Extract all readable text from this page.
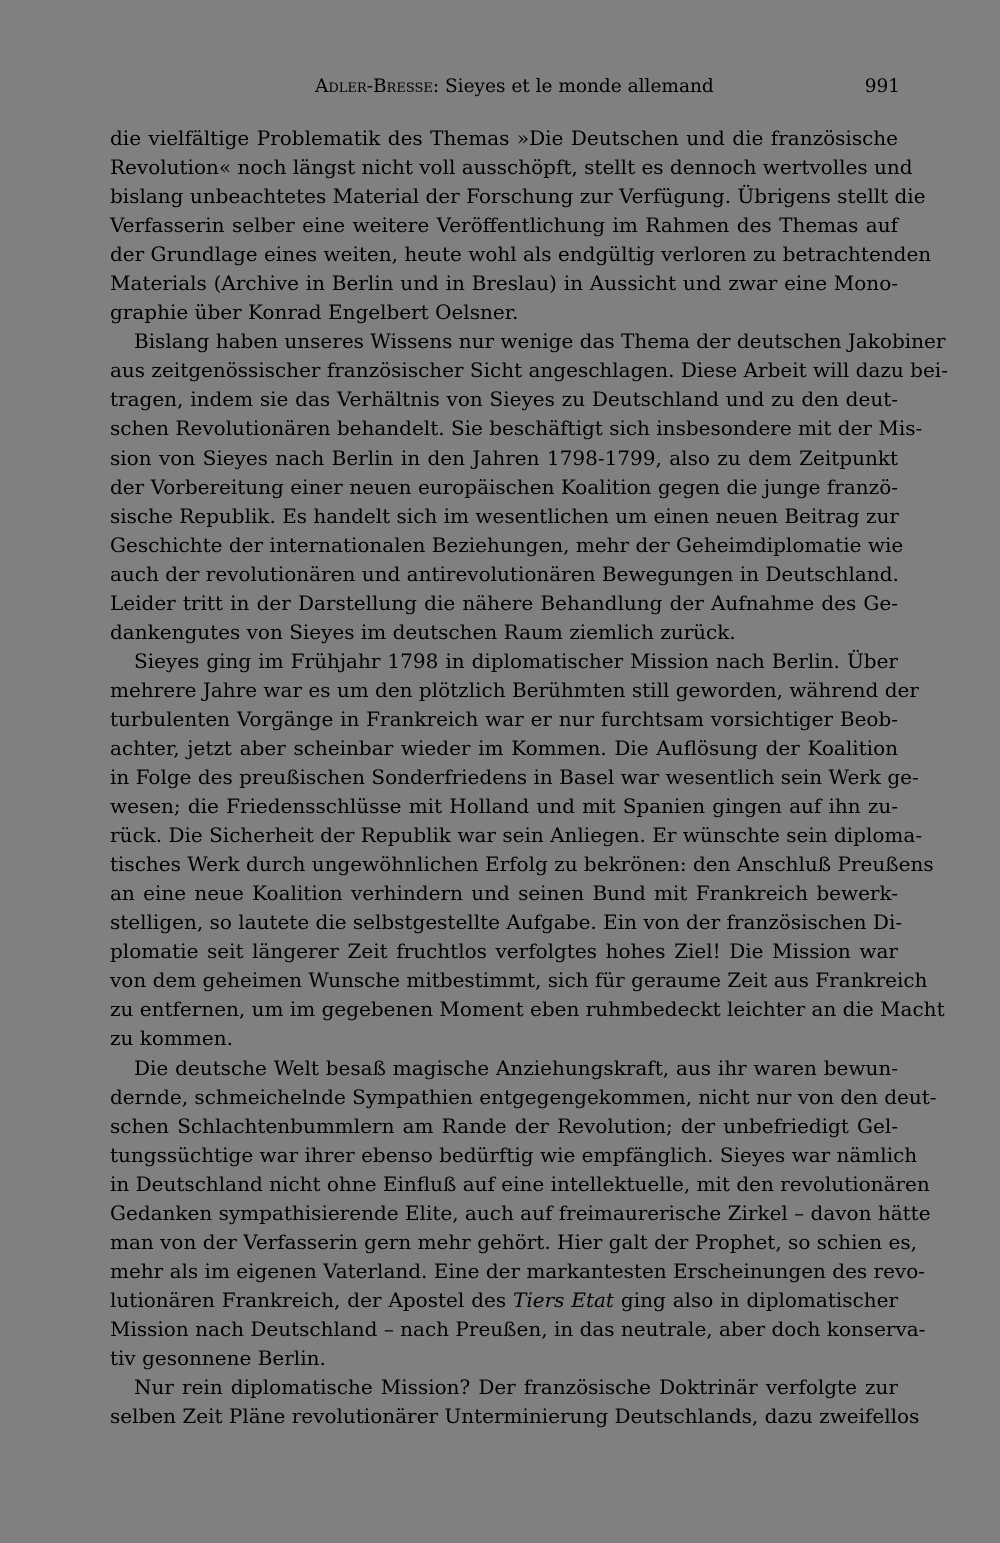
Adler-Bresse: Sieyes et le monde allemand	991
die vielfältige Problematik des Themas »Die Deutschen und die französische
Revolution« noch längst nicht voll ausschöpft, stellt es dennoch wertvolles und
bislang unbeachtetes Material der Forschung zur Verfügung. Übrigens stellt die
Verfasserin selber eine weitere Veröffentlichung im Rahmen des Themas auf
der Grundlage eines weiten, heute wohl als endgültig verloren zu betrachtenden
Materials (Archive in Berlin und in Breslau) in Aussicht und zwar eine Mono-
graphie über Konrad Engelbert Oelsner.
Bislang haben unseres Wissens nur wenige das Thema der deutschen Jakobiner
aus zeitgenössischer französischer Sicht angeschlagen. Diese Arbeit will dazu bei-
tragen, indem sie das Verhältnis von Sieyes zu Deutschland und zu den deut-
schen Revolutionären behandelt. Sie beschäftigt sich insbesondere mit der Mis-
sion von Sieyes nach Berlin in den Jahren 1798-1799, also zu dem Zeitpunkt
der Vorbereitung einer neuen europäischen Koalition gegen die junge franzö-
sische Republik. Es handelt sich im wesentlichen um einen neuen Beitrag zur
Geschichte der internationalen Beziehungen, mehr der Geheimdiplomatie wie
auch der revolutionären und antirevolutionären Bewegungen in Deutschland.
Leider tritt in der Darstellung die nähere Behandlung der Aufnahme des Ge-
dankengutes von Sieyes im deutschen Raum ziemlich zurück.
Sieyes ging im Frühjahr 1798 in diplomatischer Mission nach Berlin. Über
mehrere Jahre war es um den plötzlich Berühmten still geworden, während der
turbulenten Vorgänge in Frankreich war er nur furchtsam vorsichtiger Beob-
achter, jetzt aber scheinbar wieder im Kommen. Die Auflösung der Koalition
in Folge des preußischen Sonderfriedens in Basel war wesentlich sein Werk ge-
wesen; die Friedensschlüsse mit Holland und mit Spanien gingen auf ihn zu-
rück. Die Sicherheit der Republik war sein Anliegen. Er wünschte sein diploma-
tisches Werk durch ungewöhnlichen Erfolg zu bekrönen: den Anschluß Preußens
an eine neue Koalition verhindern und seinen Bund mit Frankreich bewerk-
stelligen, so lautete die selbstgestellte Aufgabe. Ein von der französischen Di-
plomatie seit längerer Zeit fruchtlos verfolgtes hohes Ziel! Die Mission war
von dem geheimen Wunsche mitbestimmt, sich für geraume Zeit aus Frankreich
zu entfernen, um im gegebenen Moment eben ruhmbedeckt leichter an die Macht
zu kommen.
Die deutsche Welt besaß magische Anziehungskraft, aus ihr waren bewun-
dernde, schmeichelnde Sympathien entgegengekommen, nicht nur von den deut-
schen Schlachtenbummlern am Rande der Revolution; der unbefriedigt Gel-
tungssüchtige war ihrer ebenso bedürftig wie empfänglich. Sieyes war nämlich
in Deutschland nicht ohne Einfluß auf eine intellektuelle, mit den revolutionären
Gedanken sympathisierende Elite, auch auf freimaurerische Zirkel – davon hätte
man von der Verfasserin gern mehr gehört. Hier galt der Prophet, so schien es,
mehr als im eigenen Vaterland. Eine der markantesten Erscheinungen des revo-
lutionären Frankreich, der Apostel des Tiers Etat ging also in diplomatischer
Mission nach Deutschland – nach Preußen, in das neutrale, aber doch konserva-
tiv gesonnene Berlin.
Nur rein diplomatische Mission? Der französische Doktrinär verfolgte zur
selben Zeit Pläne revolutionärer Unterminierung Deutschlands, dazu zweifellos
